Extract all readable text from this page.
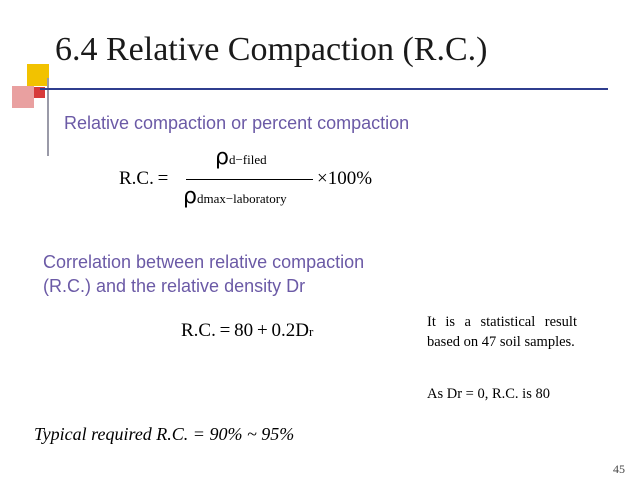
6.4 Relative Compaction (R.C.)
Relative compaction or percent compaction
R.C. =
ρd−filed
ρdmax−laboratory
×100%
Correlation between relative compaction (R.C.) and the relative density Dr
R.C. = 80 + 0.2Dr
It is a statistical result based on 47 soil samples.
As Dr = 0, R.C. is 80
Typical required R.C. = 90% ~ 95%
45
